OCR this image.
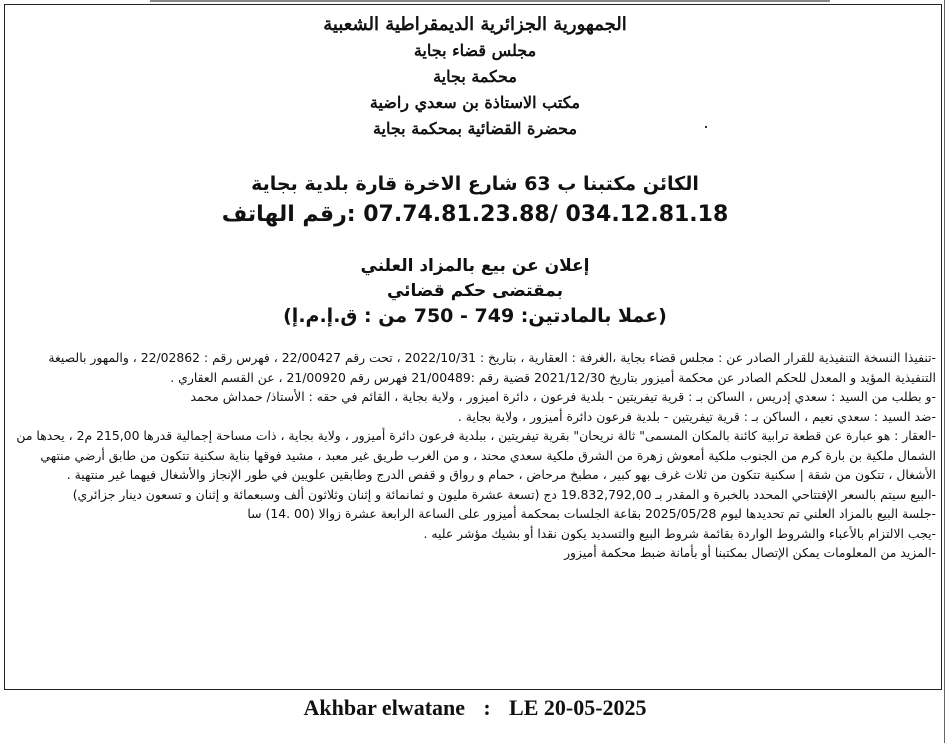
الجمهورية الجزائرية الديمقراطية الشعبية
مجلس قضاء بجاية
محكمة بجاية
مكتب الاستاذة بن سعدي راضية
محضرة القضائية بمحكمة بجاية
الكائن مكتبنا ب 63 شارع الاخرة قارة بلدية بجاية
034.12.81.18 /07.74.81.23.88 :رقم الهاتف
إعلان عن بيع بالمزاد العلني
بمقتضى حكم قضائي
(عملا بالمادتين: 749 - 750 من : ق.إ.م.إ)

-تنفيذا النسخة التنفيذية للقرار الصادر عن : مجلس قضاء بجاية ،الغرفة : العقارية ، بتاريخ : 2022/10/31 ، تحت رقم 22/00427 ، فهرس رقم : 22/02862 ، والمهور بالصيغة التنفيذية المؤيد و المعدل للحكم الصادر عن محكمة أميزور بتاريخ 2021/12/30 قضية رقم :21/00489 فهرس رقم 21/00920 ، عن القسم العقاري .

-و بطلب من السيد : سعدي إدريس ، الساكن بـ : قرية تيفريتين - بلدية فرعون ، دائرة اميزور ، ولاية بجاية ، القائم في حقه : الأستاذ/ حمداش محمد

-ضد السيد : سعدي نعيم ، الساكن بـ : قرية تيفريتين - بلدية فرعون دائرة أميزور ، ولاية بجاية .

-العقار : هو عبارة عن قطعة ترابية كائنة بالمكان المسمى" ثالة نريحان" بقرية تيفريتين ، ببلدية فرعون دائرة أميزور ، ولاية بجاية ، ذات مساحة إجمالية قدرها 215,00 م2 ، يحدها من الشمال ملكية بن بارة كرم من الجنوب ملكية أمعوش زهرة من الشرق ملكية سعدي محند ، و من الغرب طريق غير معبد ، مشيد فوقها بناية سكنية تتكون من طابق أرضي منتهي الأشغال ، تتكون من شقة | سكنية تتكون من ثلاث غرف بهو كبير ، مطبخ مرحاض ، حمام و رواق و قفص الدرج وطابقين علويين في طور الإنجاز والأشغال فيهما غير منتهية .

-البيع سيتم بالسعر الإفتتاحي المحدد بالخبرة و المقدر بـ 19.832,792,00 دج (تسعة عشرة مليون و ثمانمائة و إثنان وثلاثون ألف وسبعمائة و إثنان و تسعون دينار جزائري)

-جلسة البيع بالمزاد العلني تم تحديدها ليوم 2025/05/28 بقاعة الجلسات بمحكمة أميزور على الساعة الرابعة عشرة زوالا (00 .14) سا

-يجب الالتزام بالأعباء والشروط الواردة بقائمة شروط البيع والتسديد يكون نقدا أو بشيك مؤشر عليه .

-المزيد من المعلومات يمكن الإتصال بمكتبنا أو بأمانة ضبط محكمة أميزور

Akhbar elwatane : LE 20-05-2025
